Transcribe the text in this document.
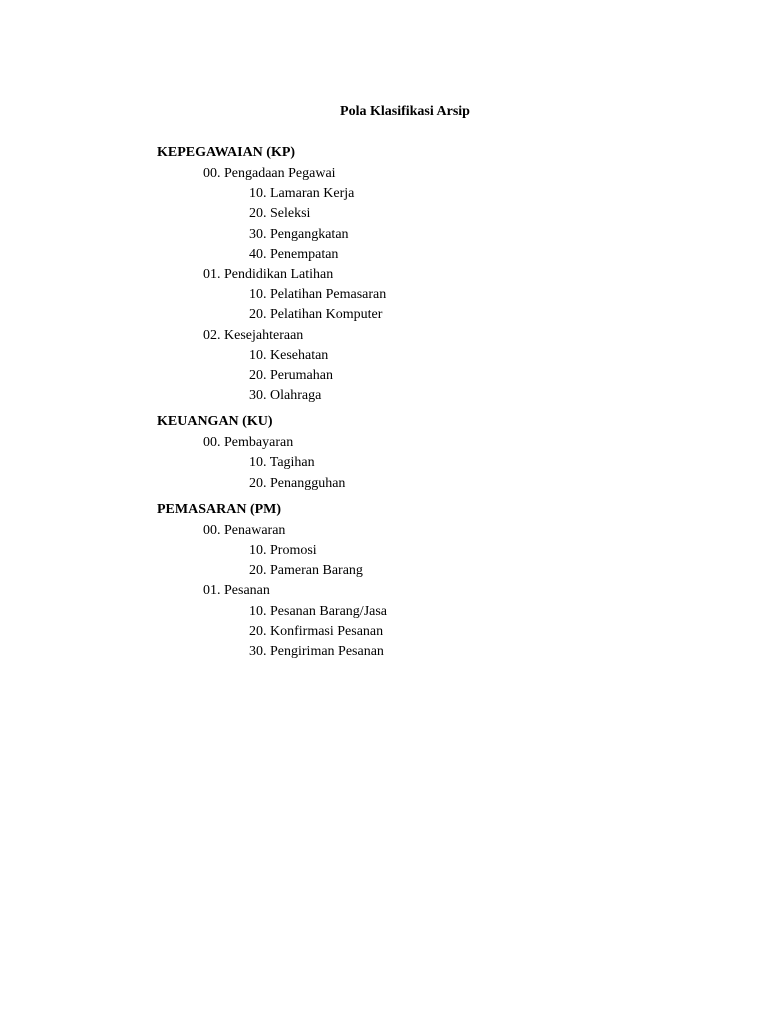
Pola Klasifikasi Arsip
KEPEGAWAIAN (KP)
00. Pengadaan Pegawai
10. Lamaran Kerja
20. Seleksi
30. Pengangkatan
40. Penempatan
01. Pendidikan Latihan
10. Pelatihan Pemasaran
20. Pelatihan Komputer
02. Kesejahteraan
10. Kesehatan
20. Perumahan
30. Olahraga
KEUANGAN (KU)
00. Pembayaran
10. Tagihan
20. Penangguhan
PEMASARAN (PM)
00. Penawaran
10. Promosi
20. Pameran Barang
01. Pesanan
10. Pesanan Barang/Jasa
20. Konfirmasi Pesanan
30. Pengiriman Pesanan
